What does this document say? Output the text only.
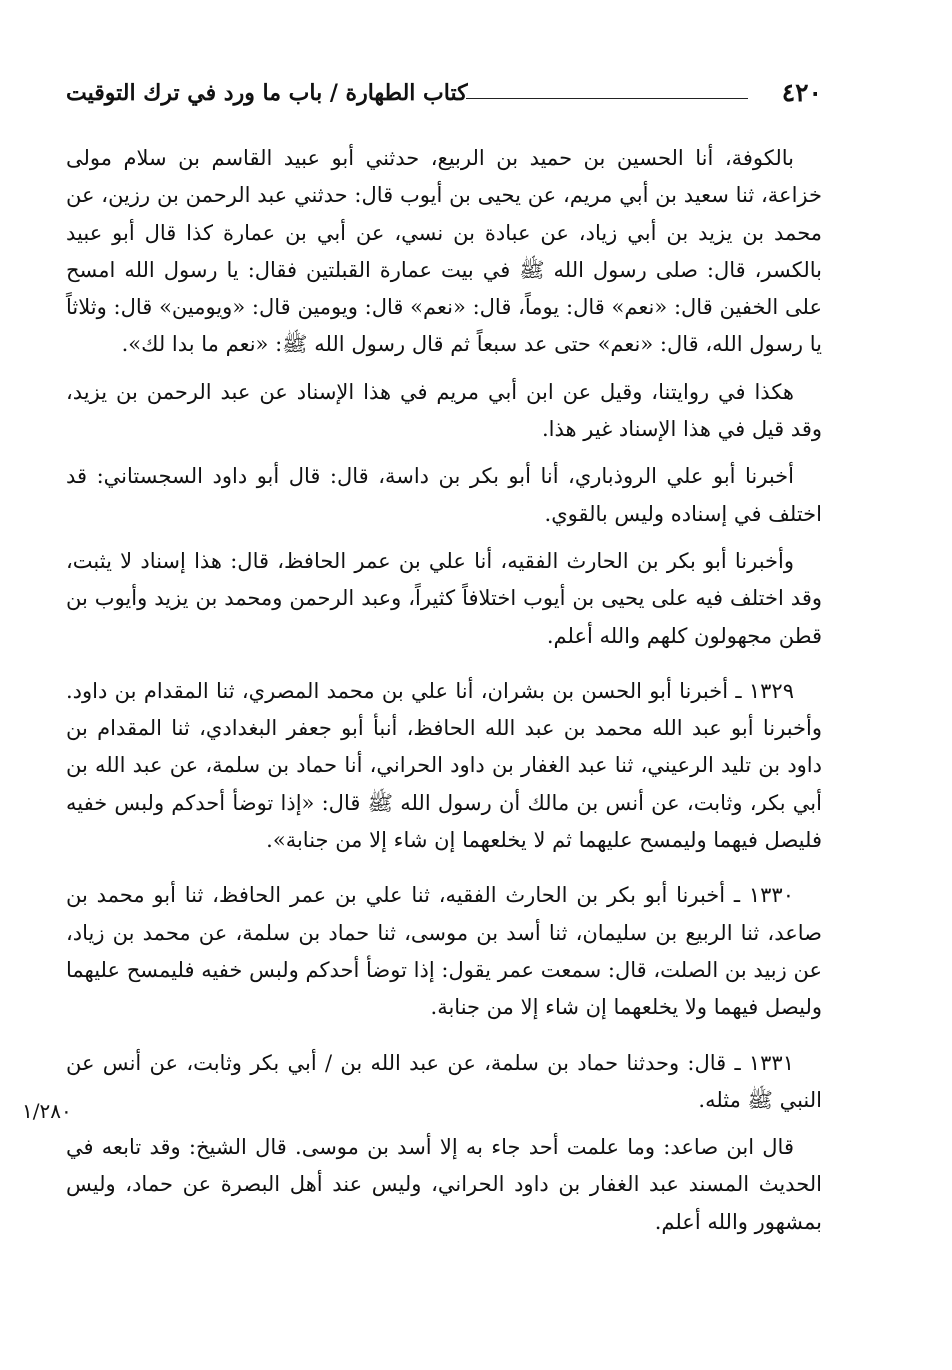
٤٢٠
كتاب الطهارة / باب ما ورد في ترك التوقيت
١/٢٨٠

بالكوفة، أنا الحسين بن حميد بن الربيع، حدثني أبو عبيد القاسم بن سلام مولى خزاعة، ثنا سعيد بن أبي مريم، عن يحيى بن أيوب قال: حدثني عبد الرحمن بن رزين، عن محمد بن يزيد بن أبي زياد، عن عبادة بن نسي، عن أبي بن عمارة كذا قال أبو عبيد بالكسر، قال: صلى رسول الله ﷺ في بيت عمارة القبلتين فقال: يا رسول الله امسح على الخفين قال: «نعم» قال: يوماً، قال: «نعم» قال: ويومين قال: «ويومين» قال: وثلاثاً يا رسول الله، قال: «نعم» حتى عد سبعاً ثم قال رسول الله ﷺ: «نعم ما بدا لك».

هكذا في روايتنا، وقيل عن ابن أبي مريم في هذا الإسناد عن عبد الرحمن بن يزيد، وقد قيل في هذا الإسناد غير هذا.

أخبرنا أبو علي الروذباري، أنا أبو بكر بن داسة، قال: قال أبو داود السجستاني: قد اختلف في إسناده وليس بالقوي.

وأخبرنا أبو بكر بن الحارث الفقيه، أنا علي بن عمر الحافظ، قال: هذا إسناد لا يثبت، وقد اختلف فيه على يحيى بن أيوب اختلافاً كثيراً، وعبد الرحمن ومحمد بن يزيد وأيوب بن قطن مجهولون كلهم والله أعلم.

١٣٢٩ ـ أخبرنا أبو الحسن بن بشران، أنا علي بن محمد المصري، ثنا المقدام بن داود. وأخبرنا أبو عبد الله محمد بن عبد الله الحافظ، أنبأ أبو جعفر البغدادي، ثنا المقدام بن داود بن تليد الرعيني، ثنا عبد الغفار بن داود الحراني، أنا حماد بن سلمة، عن عبد الله بن أبي بكر، وثابت، عن أنس بن مالك أن رسول الله ﷺ قال: «إذا توضأ أحدكم ولبس خفيه فليصل فيهما وليمسح عليهما ثم لا يخلعهما إن شاء إلا من جنابة».

١٣٣٠ ـ أخبرنا أبو بكر بن الحارث الفقيه، ثنا علي بن عمر الحافظ، ثنا أبو محمد بن صاعد، ثنا الربيع بن سليمان، ثنا أسد بن موسى، ثنا حماد بن سلمة، عن محمد بن زياد، عن زبيد بن الصلت، قال: سمعت عمر يقول: إذا توضأ أحدكم ولبس خفيه فليمسح عليهما وليصل فيهما ولا يخلعهما إن شاء إلا من جنابة.

١٣٣١ ـ قال: وحدثنا حماد بن سلمة، عن عبد الله بن / أبي بكر وثابت، عن أنس عن النبي ﷺ مثله.

قال ابن صاعد: وما علمت أحد جاء به إلا أسد بن موسى. قال الشيخ: وقد تابعه في الحديث المسند عبد الغفار بن داود الحراني، وليس عند أهل البصرة عن حماد، وليس بمشهور والله أعلم.
